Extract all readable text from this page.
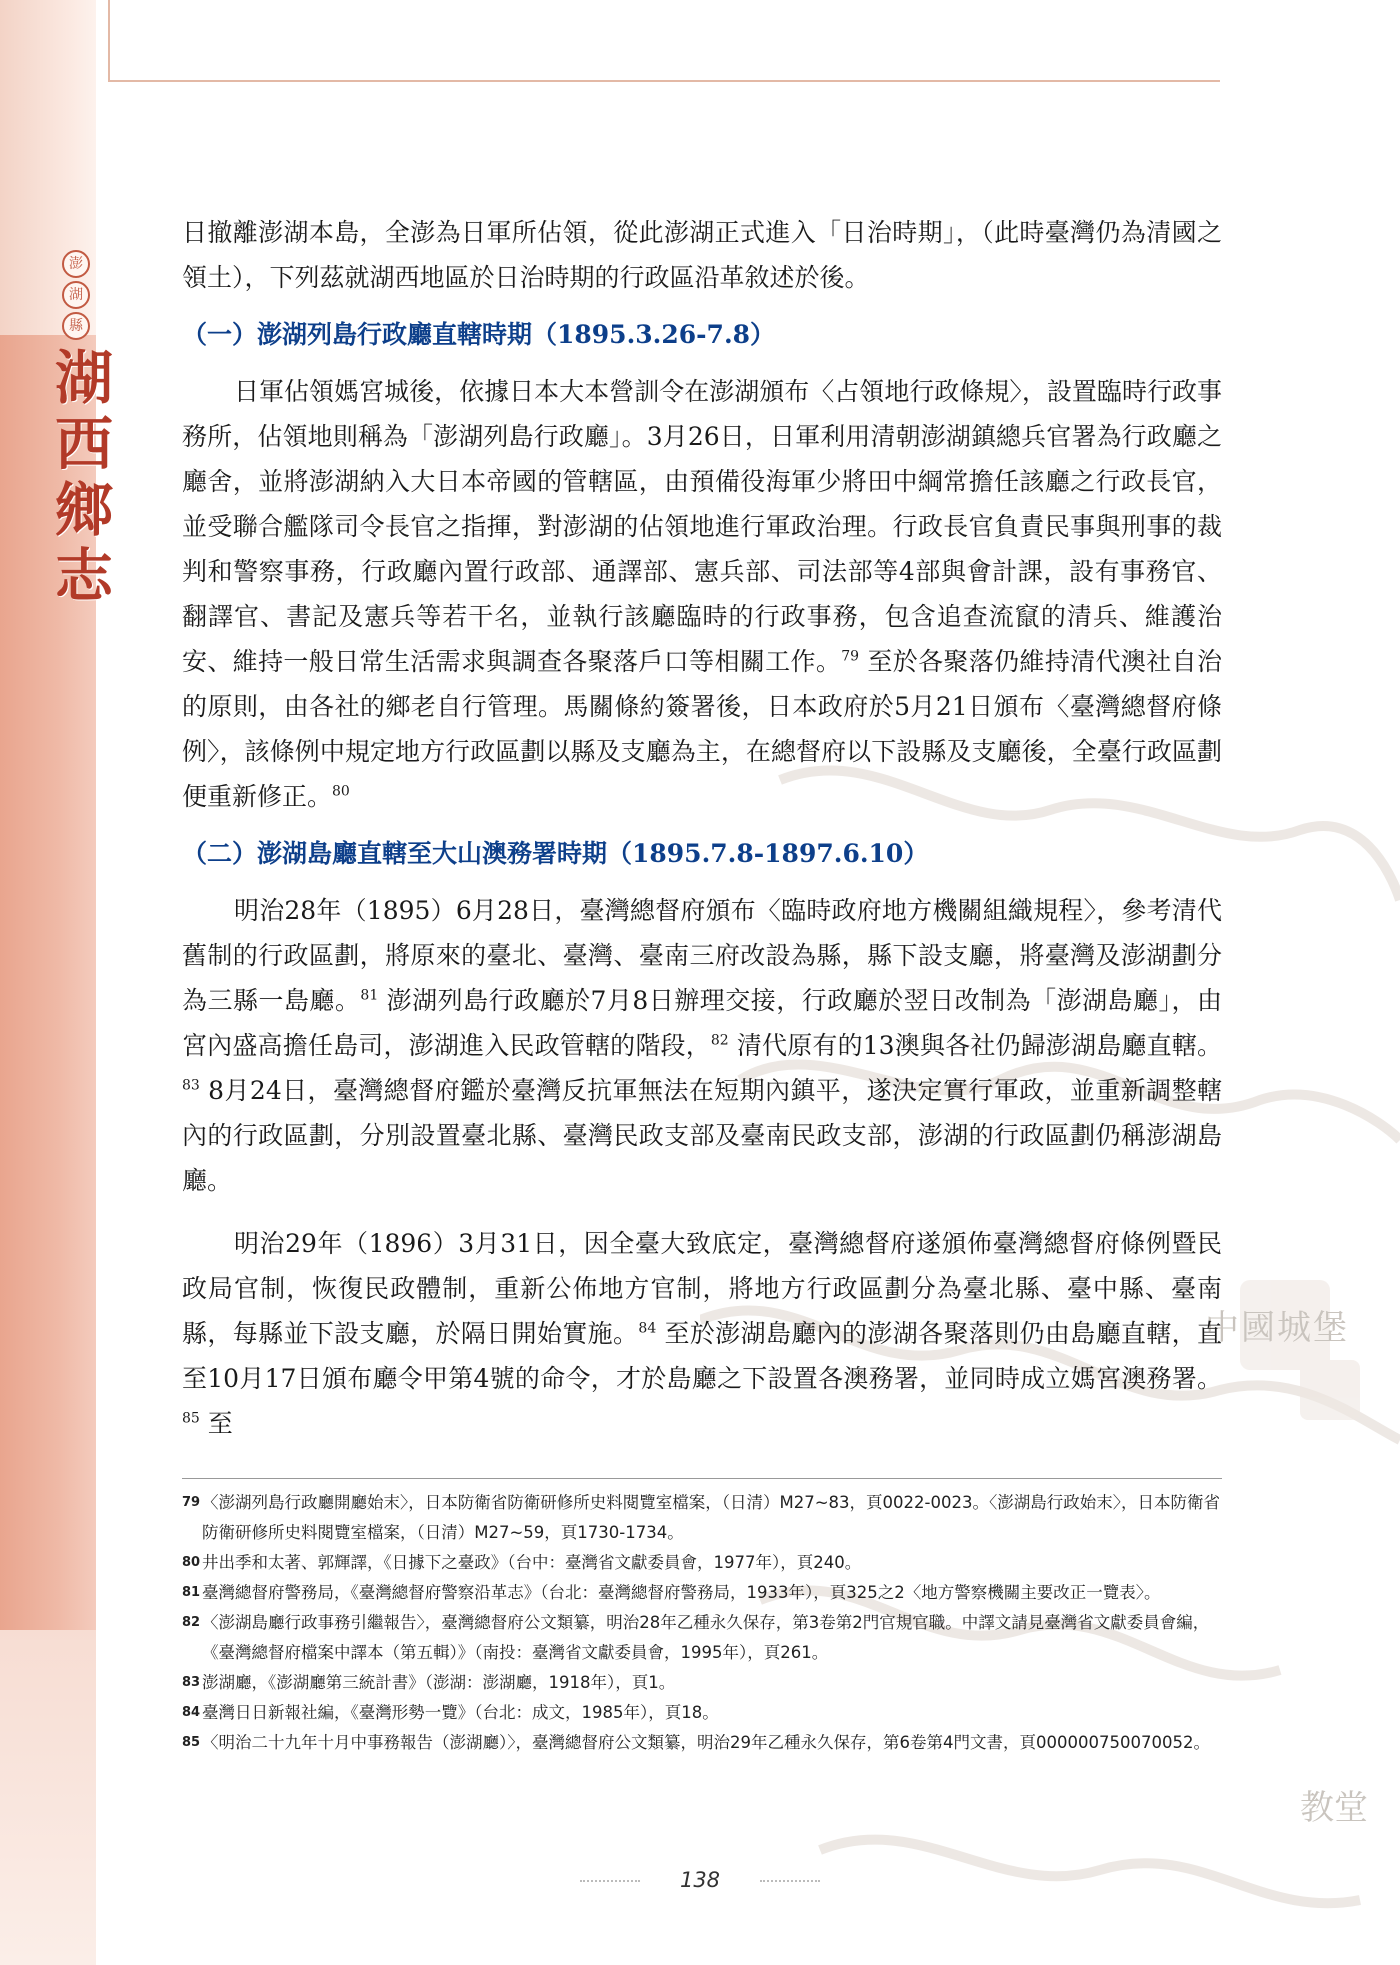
澎
湖
縣
湖
西
鄉
志
中國城堡
教堂

日撤離澎湖本島，全澎為日軍所佔領，從此澎湖正式進入「日治時期」，（此時臺灣仍為清國之領土），下列茲就湖西地區於日治時期的行政區沿革敘述於後。

（一）澎湖列島行政廳直轄時期（1895.3.26-7.8）

日軍佔領媽宮城後，依據日本大本營訓令在澎湖頒布〈占領地行政條規〉，設置臨時行政事務所，佔領地則稱為「澎湖列島行政廳」。3月26日，日軍利用清朝澎湖鎮總兵官署為行政廳之廳舍，並將澎湖納入大日本帝國的管轄區，由預備役海軍少將田中綱常擔任該廳之行政長官，並受聯合艦隊司令長官之指揮，對澎湖的佔領地進行軍政治理。行政長官負責民事與刑事的裁判和警察事務，行政廳內置行政部、通譯部、憲兵部、司法部等4部與會計課，設有事務官、翻譯官、書記及憲兵等若干名，並執行該廳臨時的行政事務，包含追查流竄的清兵、維護治安、維持一般日常生活需求與調查各聚落戶口等相關工作。$^{79}$ 至於各聚落仍維持清代澳社自治的原則，由各社的鄉老自行管理。馬關條約簽署後，日本政府於5月21日頒布〈臺灣總督府條例〉，該條例中規定地方行政區劃以縣及支廳為主，在總督府以下設縣及支廳後，全臺行政區劃便重新修正。$^{80}$

（二）澎湖島廳直轄至大山澳務署時期（1895.7.8-1897.6.10）

明治28年（1895）6月28日，臺灣總督府頒布〈臨時政府地方機關組織規程〉，參考清代舊制的行政區劃，將原來的臺北、臺灣、臺南三府改設為縣，縣下設支廳，將臺灣及澎湖劃分為三縣一島廳。$^{81}$ 澎湖列島行政廳於7月8日辦理交接，行政廳於翌日改制為「澎湖島廳」，由宮內盛高擔任島司，澎湖進入民政管轄的階段，$^{82}$ 清代原有的13澳與各社仍歸澎湖島廳直轄。$^{83}$ 8月24日，臺灣總督府鑑於臺灣反抗軍無法在短期內鎮平，遂決定實行軍政，並重新調整轄內的行政區劃，分別設置臺北縣、臺灣民政支部及臺南民政支部，澎湖的行政區劃仍稱澎湖島廳。

明治29年（1896）3月31日，因全臺大致底定，臺灣總督府遂頒佈臺灣總督府條例暨民政局官制，恢復民政體制，重新公佈地方官制，將地方行政區劃分為臺北縣、臺中縣、臺南縣，每縣並下設支廳，於隔日開始實施。$^{84}$ 至於澎湖島廳內的澎湖各聚落則仍由島廳直轄，直至10月17日頒布廳令甲第4號的命令，才於島廳之下設置各澳務署，並同時成立媽宮澳務署。$^{85}$ 至

79 〈澎湖列島行政廳開廳始末〉，日本防衛省防衛研修所史料閱覽室檔案，（日清）M27~83，頁0022-0023。〈澎湖島行政始末〉，日本防衛省防衛研修所史料閱覽室檔案，（日清）M27~59，頁1730-1734。
80 井出季和太著、郭輝譯，《日據下之臺政》（台中：臺灣省文獻委員會，1977年），頁240。
81 臺灣總督府警務局，《臺灣總督府警察沿革志》（台北：臺灣總督府警務局，1933年），頁325之2〈地方警察機關主要改正一覽表〉。
82 〈澎湖島廳行政事務引繼報告〉，臺灣總督府公文類纂，明治28年乙種永久保存，第3卷第2門官規官職。中譯文請見臺灣省文獻委員會編，《臺灣總督府檔案中譯本（第五輯）》（南投：臺灣省文獻委員會，1995年），頁261。
83 澎湖廳，《澎湖廳第三統計書》（澎湖：澎湖廳，1918年），頁1。
84 臺灣日日新報社編，《臺灣形勢一覽》（台北：成文，1985年），頁18。
85 〈明治二十九年十月中事務報告（澎湖廳）〉，臺灣總督府公文類纂，明治29年乙種永久保存，第6卷第4門文書，頁000000750070052。
138
